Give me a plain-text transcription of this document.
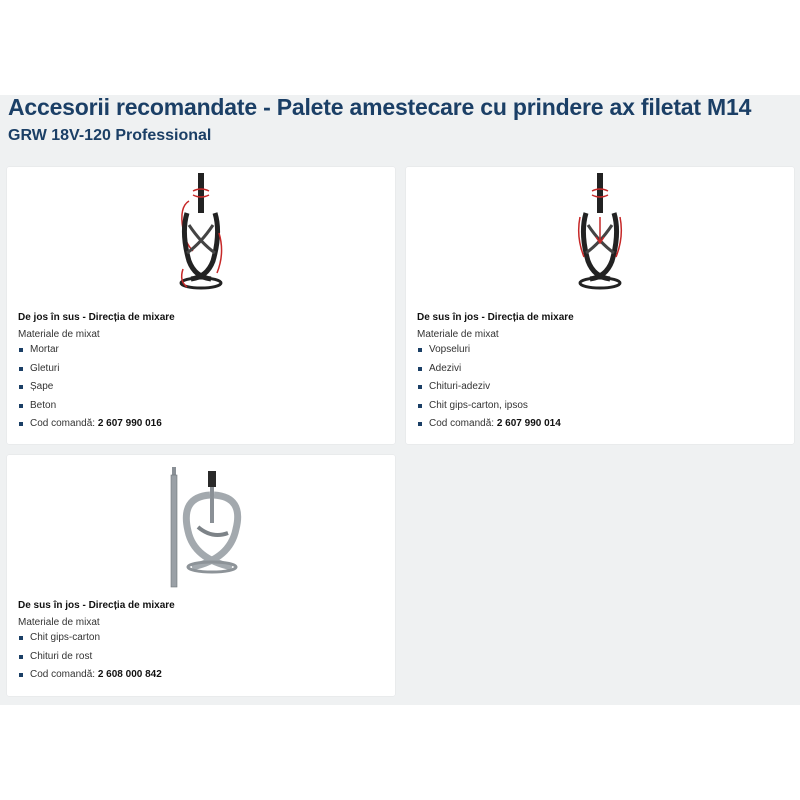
Accesorii recomandate - Palete amestecare cu prindere ax filetat M14
GRW 18V-120 Professional
De jos în sus - Direcția de mixare
Materiale de mixat
Mortar
Gleturi
Șape
Beton
Cod comandă: 2 607 990 016
De sus în jos - Direcția de mixare
Materiale de mixat
Vopseluri
Adezivi
Chituri-adeziv
Chit gips-carton, ipsos
Cod comandă: 2 607 990 014
De sus în jos - Direcția de mixare
Materiale de mixat
Chit gips-carton
Chituri de rost
Cod comandă: 2 608 000 842
